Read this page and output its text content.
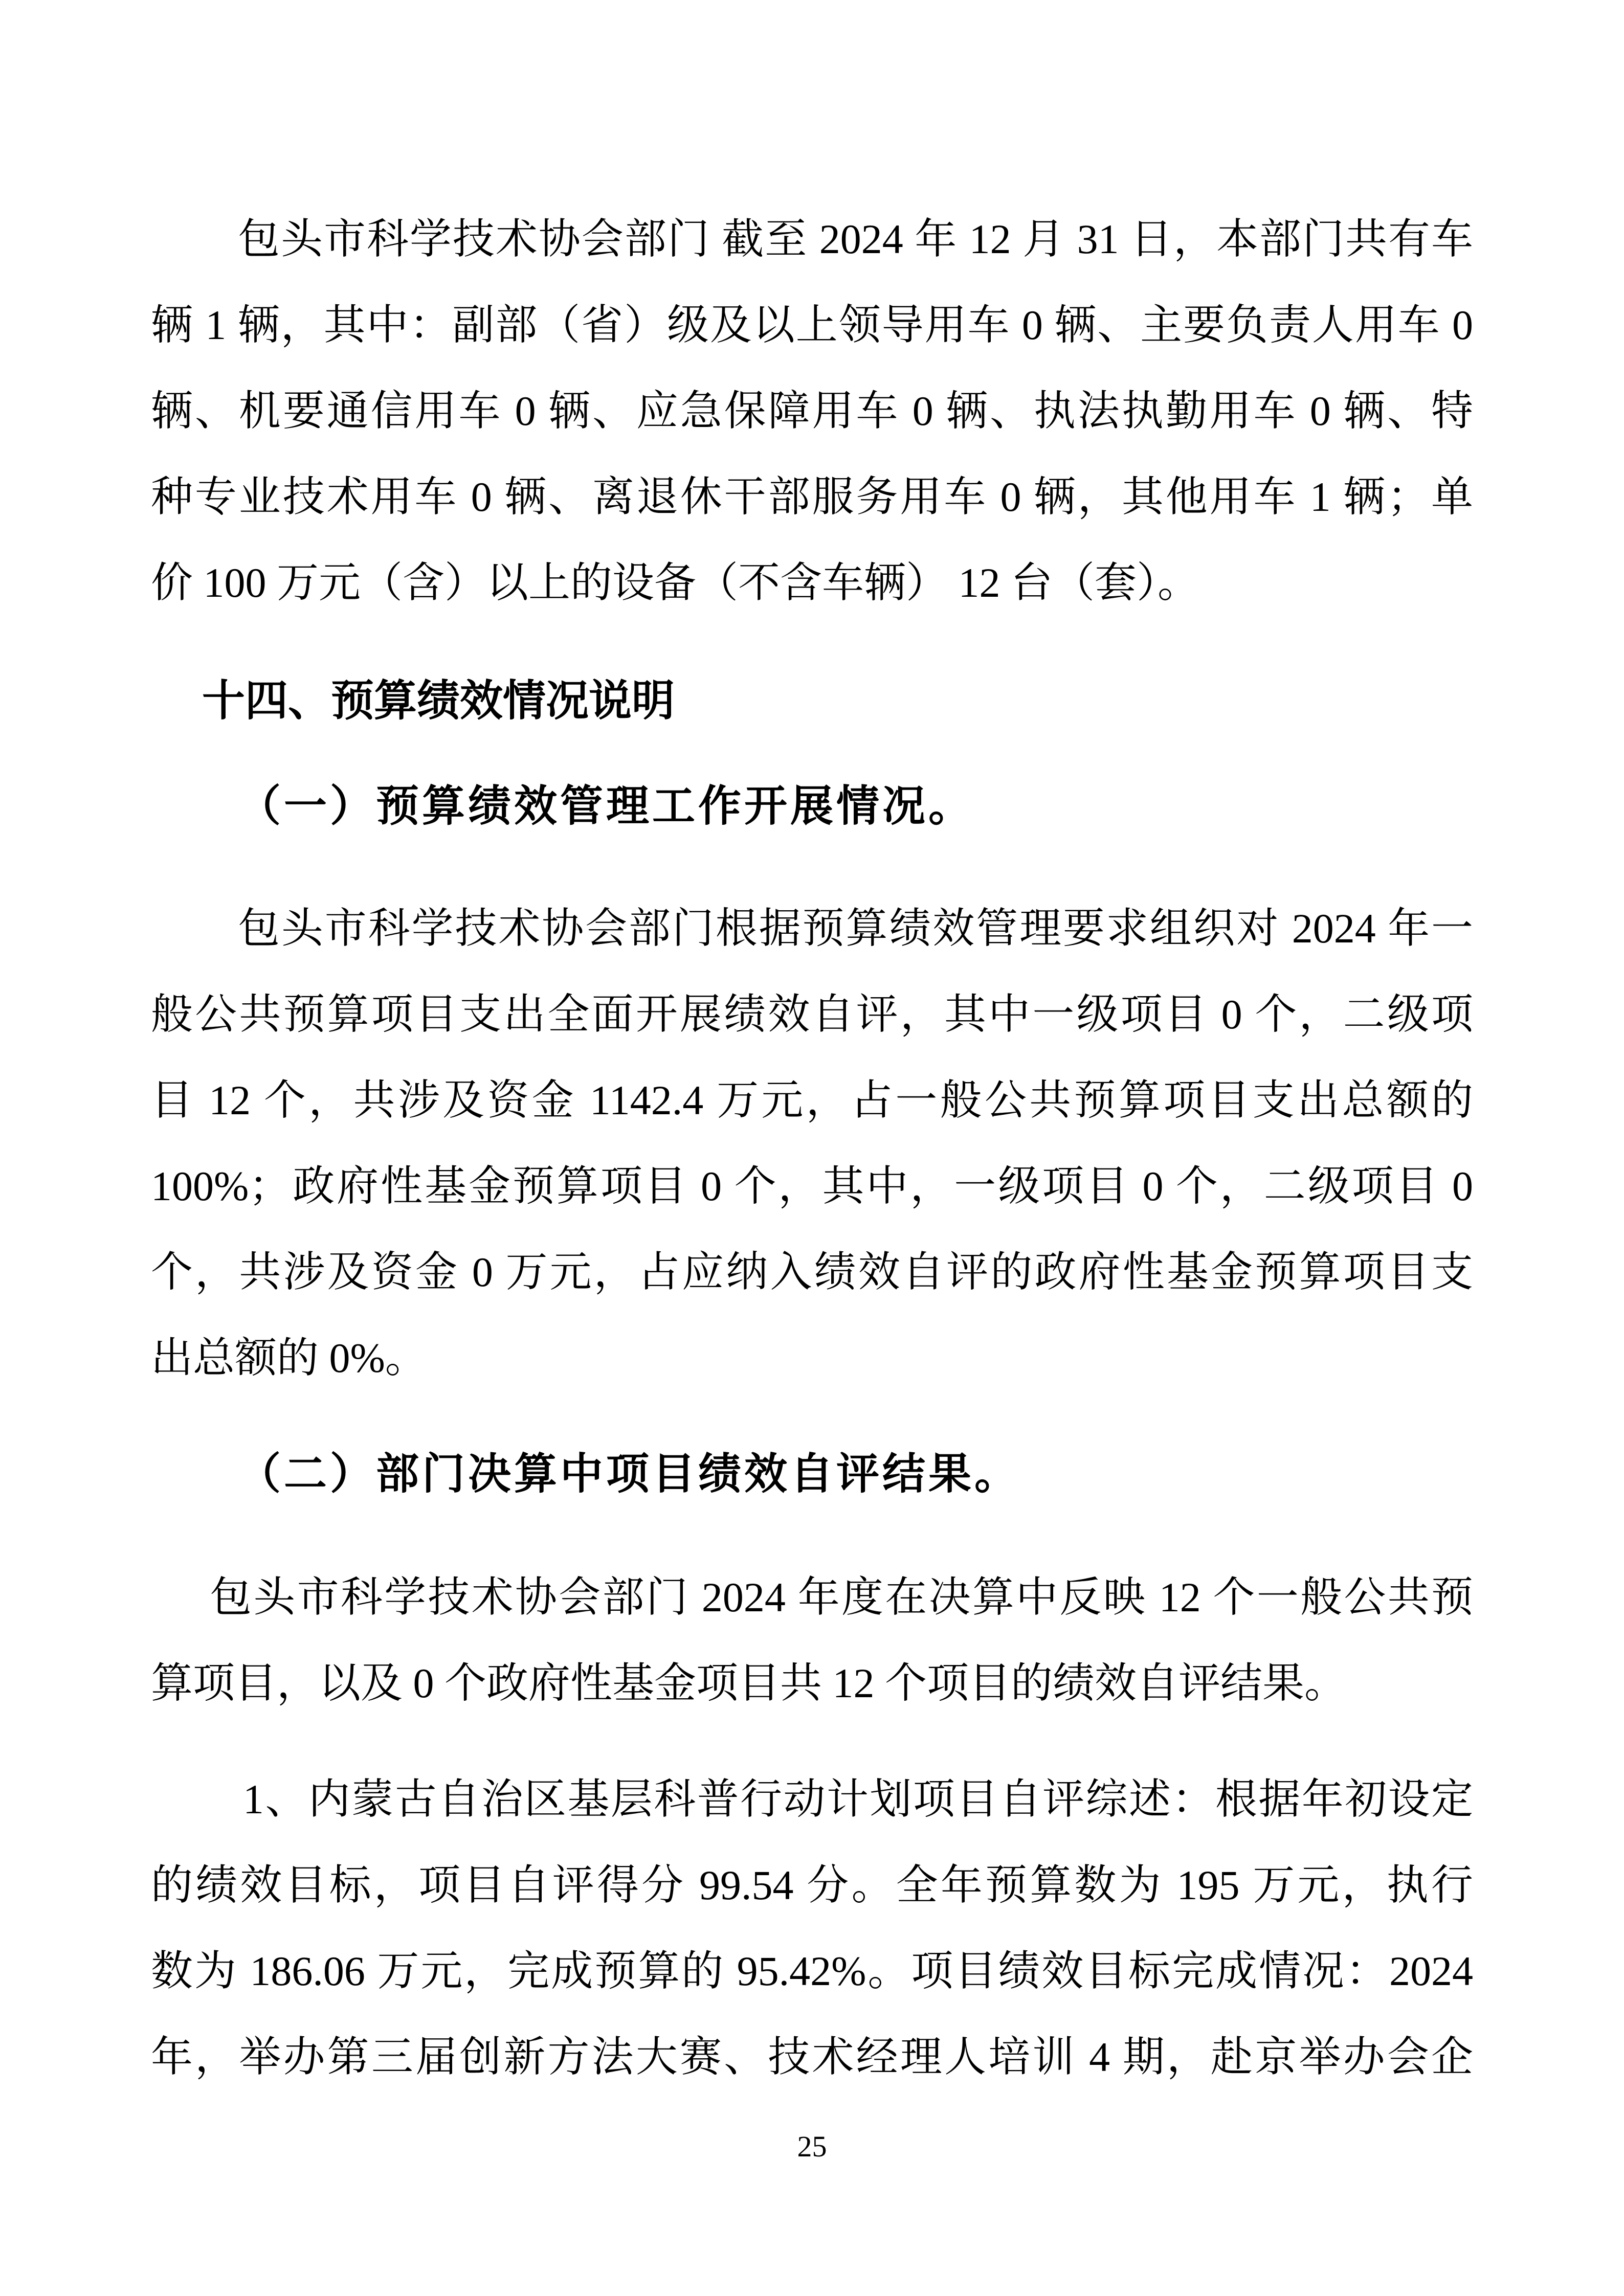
包头市科学技术协会部门 截至 2024 年 12 月 31 日，本部门共有车
辆 1 辆，其中：副部（省）级及以上领导用车 0 辆、主要负责人用车 0
辆、机要通信用车 0 辆、应急保障用车 0 辆、执法执勤用车 0 辆、特
种专业技术用车 0 辆、离退休干部服务用车 0 辆，其他用车 1 辆；单
价 100 万元（含）以上的设备（不含车辆） 12 台（套）。
十四、预算绩效情况说明
（一）预算绩效管理工作开展情况。
包头市科学技术协会部门根据预算绩效管理要求组织对 2024 年一
般公共预算项目支出全面开展绩效自评，其中一级项目 0 个，二级项
目 12 个，共涉及资金 1142.4 万元，占一般公共预算项目支出总额的
100%；政府性基金预算项目 0 个，其中，一级项目 0 个，二级项目 0
个，共涉及资金 0 万元，占应纳入绩效自评的政府性基金预算项目支
出总额的 0%。
（二）部门决算中项目绩效自评结果。
包头市科学技术协会部门 2024 年度在决算中反映 12 个一般公共预
算项目，以及 0 个政府性基金项目共 12 个项目的绩效自评结果。
1、内蒙古自治区基层科普行动计划项目自评综述：根据年初设定
的绩效目标，项目自评得分 99.54 分。全年预算数为 195 万元，执行
数为 186.06 万元，完成预算的 95.42%。项目绩效目标完成情况：2024
年，举办第三届创新方法大赛、技术经理人培训 4 期，赴京举办会企
25
